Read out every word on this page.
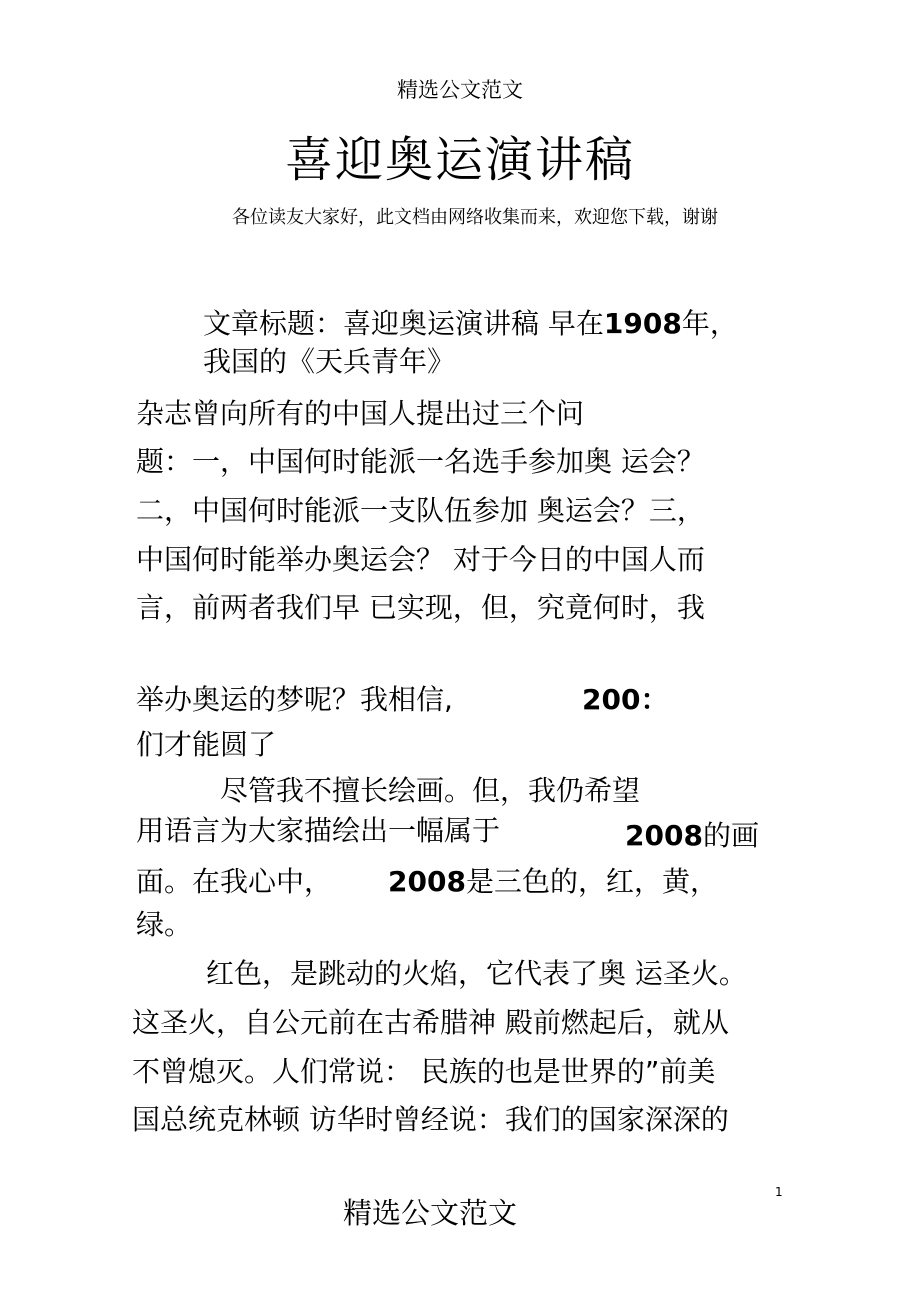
精选公文范文
喜迎奥运演讲稿
各位读友大家好，此文档由网络收集而来，欢迎您下载，谢谢
文章标题：喜迎奥运演讲稿 早在1908年，
我国的《天兵青年》
杂志曾向所有的中国人提出过三个问
题：一，中国何时能派一名选手参加奥 运会？
二，中国何时能派一支队伍参加 奥运会？三，
中国何时能举办奥运会？ 对于今日的中国人而
言，前两者我们早 已实现，但，究竟何时，我
举办奥运的梦呢？我相信,	200：
们才能圆了
尽管我不擅长绘画。但，我仍希望
用语言为大家描绘出一幅属于	2008的画
面。在我心中， 2008是三色的，红，黄，
绿。
红色，是跳动的火焰，它代表了奥 运圣火。
这圣火，自公元前在古希腊神 殿前燃起后，就从
不曾熄灭。人们常说： 民族的也是世界的”前美
国总统克林顿 访华时曾经说：我们的国家深深的
1
精选公文范文
